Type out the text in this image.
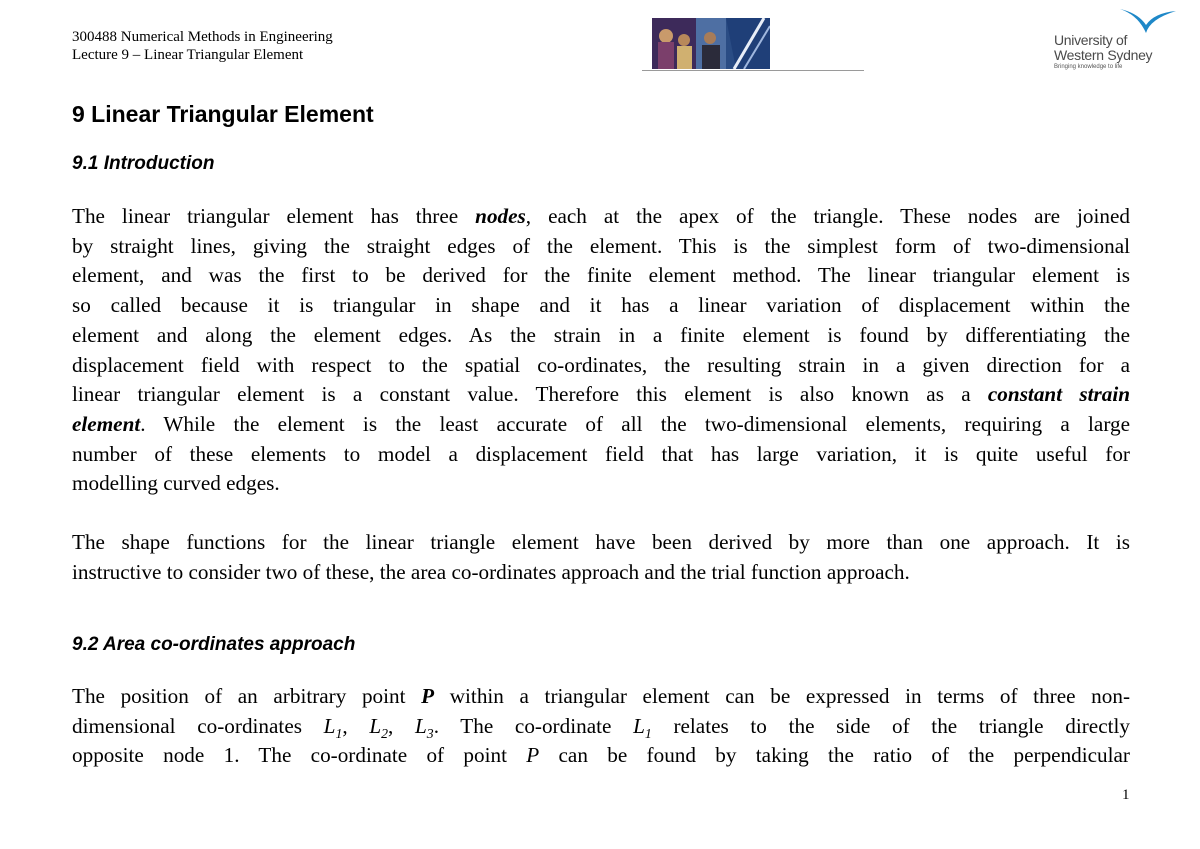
300488 Numerical Methods in Engineering
Lecture 9 – Linear Triangular Element
University of
Western Sydney
Bringing knowledge to life
9 Linear Triangular Element
9.1 Introduction
The linear triangular element has three nodes, each at the apex of the triangle. These nodes are joined
by straight lines, giving the straight edges of the element. This is the simplest form of two-dimensional
element, and was the first to be derived for the finite element method. The linear triangular element is
so called because it is triangular in shape and it has a linear variation of displacement within the
element and along the element edges. As the strain in a finite element is found by differentiating the
displacement field with respect to the spatial co-ordinates, the resulting strain in a given direction for a
linear triangular element is a constant value. Therefore this element is also known as a constant strain
element. While the element is the least accurate of all the two-dimensional elements, requiring a large
number of these elements to model a displacement field that has large variation, it is quite useful for
modelling curved edges.
The shape functions for the linear triangle element have been derived by more than one approach. It is
instructive to consider two of these, the area co-ordinates approach and the trial function approach.
9.2 Area co-ordinates approach
The position of an arbitrary point P within a triangular element can be expressed in terms of three non-
dimensional co-ordinates $L_1$, $L_2$, $L_3$. The co-ordinate $L_1$ relates to the side of the triangle directly
opposite node 1. The co-ordinate of point P can be found by taking the ratio of the perpendicular
1
